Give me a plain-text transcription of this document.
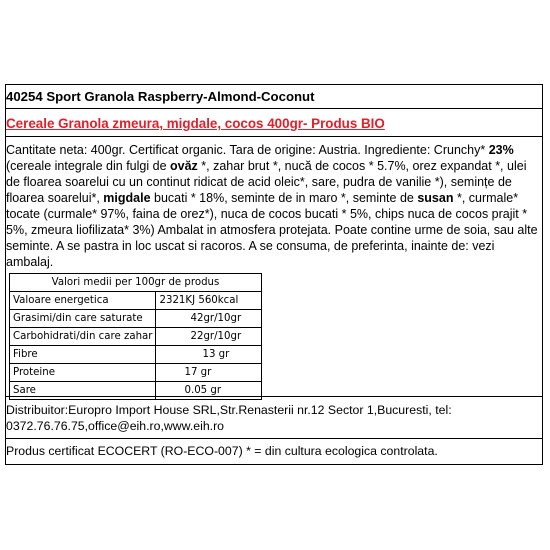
40254 Sport Granola Raspberry-Almond-Coconut
Cereale Granola zmeura, migdale, cocos 400gr- Produs BIO
Cantitate neta: 400gr. Certificat organic. Tara de origine: Austria. Ingrediente: Crunchy* 23% (cereale integrale din fulgi de ovăz *, zahar brut *, nucă de cocos * 5.7%, orez expandat *, ulei de floarea soarelui cu un continut ridicat de acid oleic*, sare, pudra de vanilie *), semințe de floarea soarelui*, migdale bucati * 18%, seminte de in maro *, seminte de susan *, curmale* tocate (curmale* 97%, faina de orez*), nuca de cocos bucati * 5%, chips nuca de cocos prajit * 5%, zmeura liofilizata* 3%) Ambalat in atmosfera protejata. Poate contine urme de soia, sau alte seminte. A se pastra in loc uscat si racoros. A se consuma, de preferinta, inainte de: vezi ambalaj.
Valori medii per 100gr de produs	
Valoare energetica	2321KJ 560kcal
Grasimi/din care saturate	42gr/10gr
Carbohidrati/din care zahar	22gr/10gr
Fibre	13 gr
Proteine	17 gr
Sare	0.05 gr
Distribuitor:Europro Import House SRL,Str.Renasterii nr.12 Sector 1,Bucuresti, tel: 0372.76.76.75,office@eih.ro,www.eih.ro
Produs certificat ECOCERT (RO-ECO-007) * = din cultura ecologica controlata.
